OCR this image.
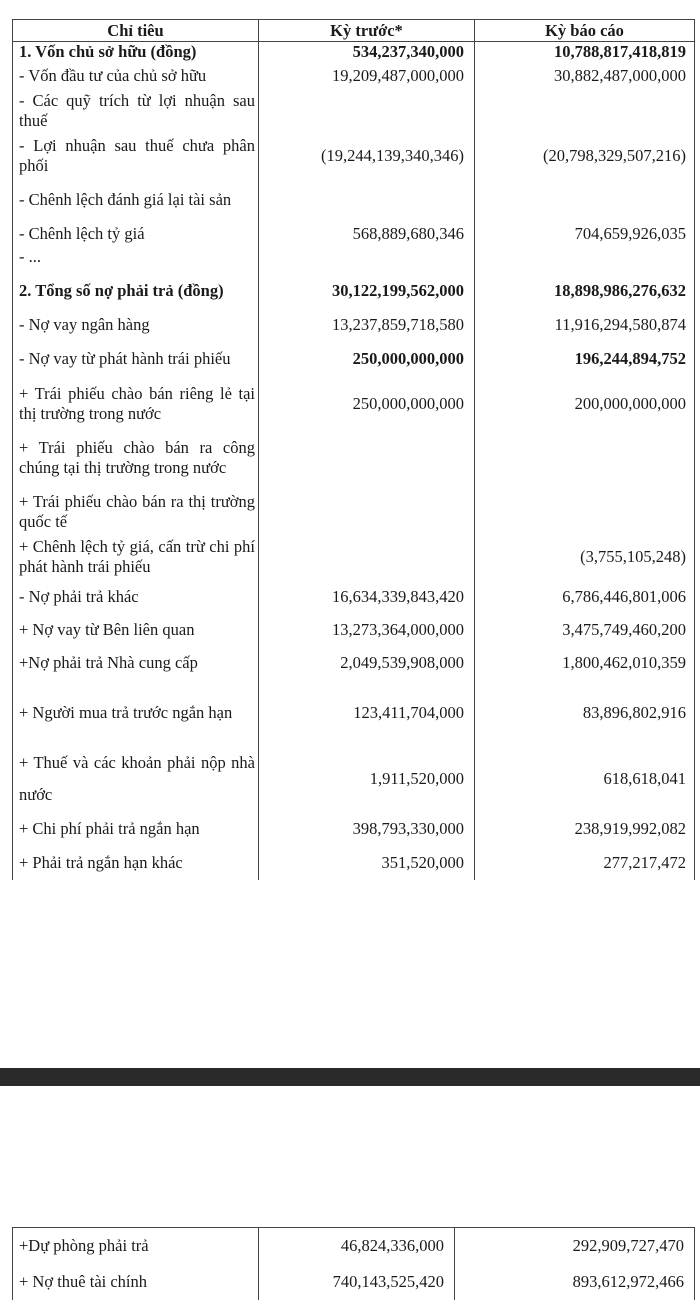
Chỉ tiêu	Kỳ trước*	Kỳ báo cáo
1. Vốn chủ sở hữu (đồng)	534,237,340,000	10,788,817,418,819
- Vốn đầu tư của chủ sở hữu	19,209,487,000,000	30,882,487,000,000
- Các quỹ trích từ lợi nhuận sau thuế		
- Lợi nhuận sau thuế chưa phân phối	(19,244,139,340,346)	(20,798,329,507,216)
- Chênh lệch đánh giá lại tài sản		
- Chênh lệch tỷ giá	568,889,680,346	704,659,926,035
- ...		
2. Tổng số nợ phải trả (đồng)	30,122,199,562,000	18,898,986,276,632
- Nợ vay ngân hàng	13,237,859,718,580	11,916,294,580,874
- Nợ vay từ phát hành trái phiếu	250,000,000,000	196,244,894,752
+ Trái phiếu chào bán riêng lẻ tại thị trường trong nước	250,000,000,000	200,000,000,000
+ Trái phiếu chào bán ra công chúng tại thị trường trong nước		
+ Trái phiếu chào bán ra thị trường quốc tế		
+ Chênh lệch tỷ giá, cấn trừ chi phí phát hành trái phiếu		(3,755,105,248)
- Nợ phải trả khác	16,634,339,843,420	6,786,446,801,006
+ Nợ vay từ Bên liên quan	13,273,364,000,000	3,475,749,460,200
+Nợ phải trả Nhà cung cấp	2,049,539,908,000	1,800,462,010,359
+ Người mua trả trước ngắn hạn	123,411,704,000	83,896,802,916
+ Thuế và các khoản phải nộp nhà nước	1,911,520,000	618,618,041
+ Chi phí phải trả ngắn hạn	398,793,330,000	238,919,992,082
+ Phải trả ngắn hạn khác	351,520,000	277,217,472
+Dự phòng phải trả	46,824,336,000	292,909,727,470
+ Nợ thuê tài chính	740,143,525,420	893,612,972,466
